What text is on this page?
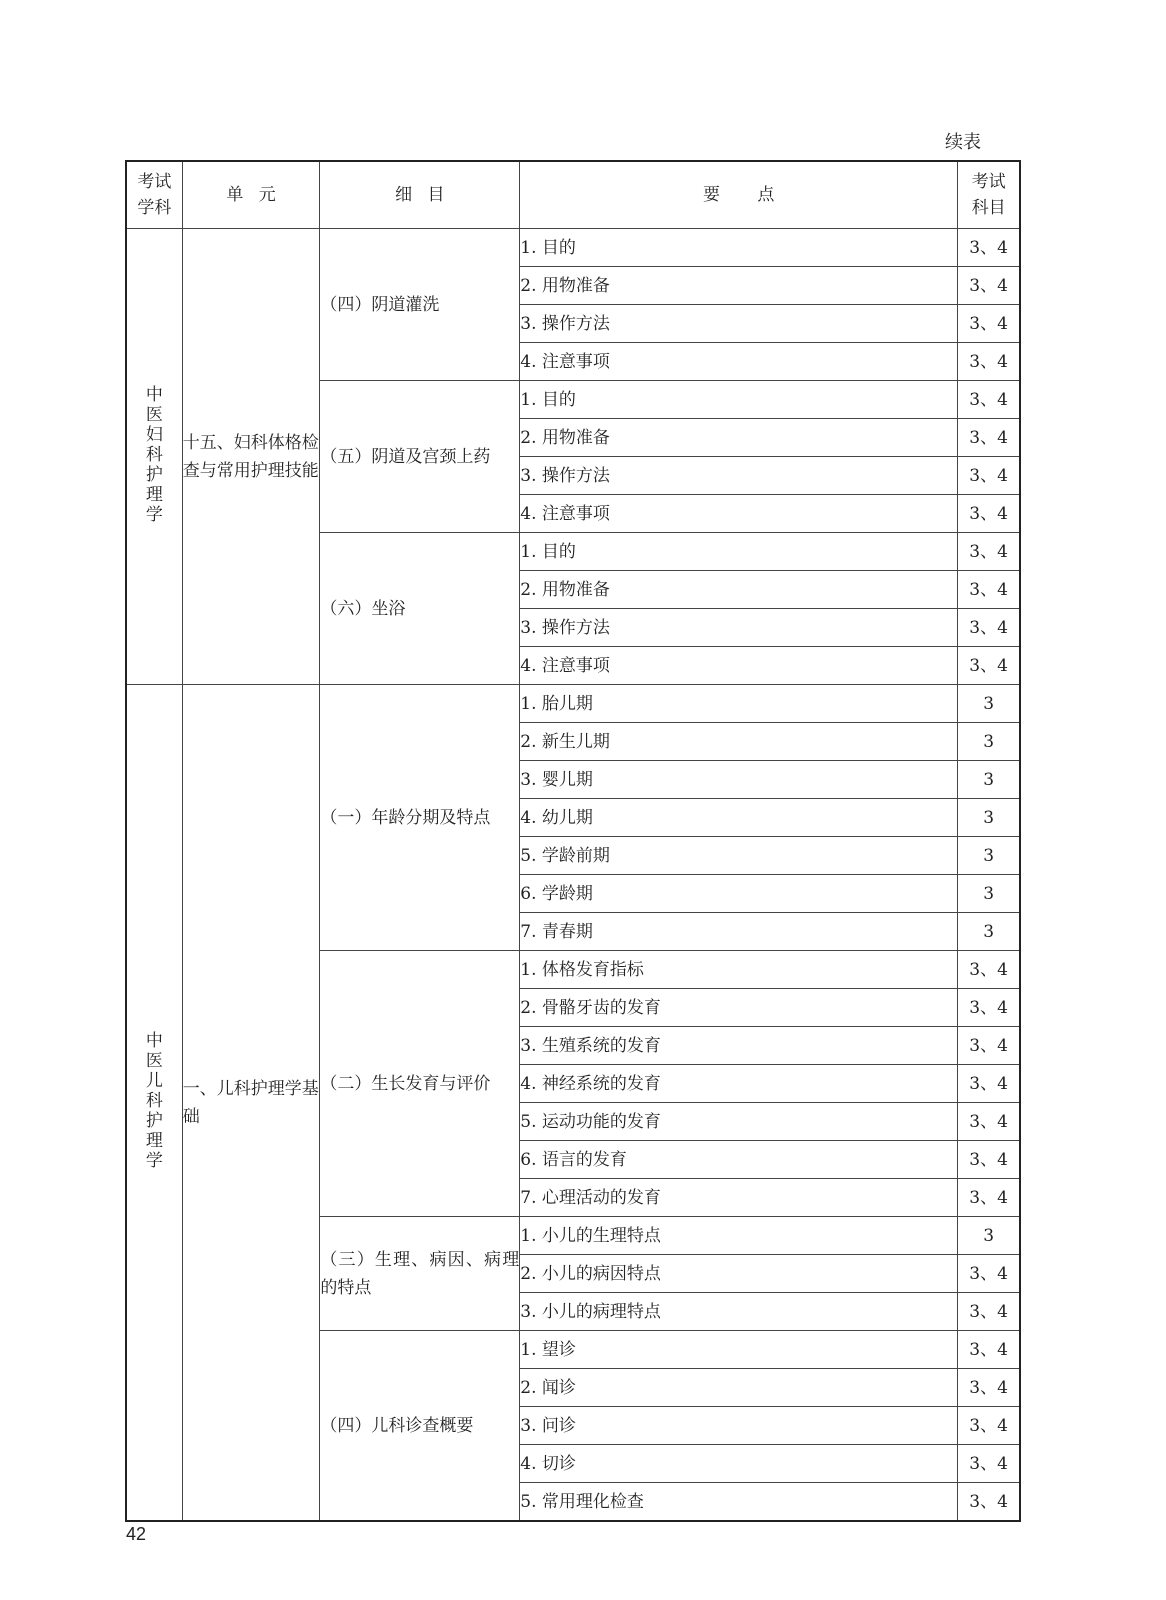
续表
考试学科	单元	细目	要点	考试科目
中医妇科护理学	十五、妇科体格检查与常用护理技能	（四）阴道灌洗	1. 目的	3、4
			2. 用物准备	3、4
			3. 操作方法	3、4
			4. 注意事项	3、4
		（五）阴道及宫颈上药	1. 目的	3、4
			2. 用物准备	3、4
			3. 操作方法	3、4
			4. 注意事项	3、4
		（六）坐浴	1. 目的	3、4
			2. 用物准备	3、4
			3. 操作方法	3、4
			4. 注意事项	3、4
中医儿科护理学	一、儿科护理学基础	（一）年龄分期及特点	1. 胎儿期	3
			2. 新生儿期	3
			3. 婴儿期	3
			4. 幼儿期	3
			5. 学龄前期	3
			6. 学龄期	3
			7. 青春期	3
		（二）生长发育与评价	1. 体格发育指标	3、4
			2. 骨骼牙齿的发育	3、4
			3. 生殖系统的发育	3、4
			4. 神经系统的发育	3、4
			5. 运动功能的发育	3、4
			6. 语言的发育	3、4
			7. 心理活动的发育	3、4
		（三）生理、病因、病理的特点	1. 小儿的生理特点	3
			2. 小儿的病因特点	3、4
			3. 小儿的病理特点	3、4
		（四）儿科诊查概要	1. 望诊	3、4
			2. 闻诊	3、4
			3. 问诊	3、4
			4. 切诊	3、4
			5. 常用理化检查	3、4
42
